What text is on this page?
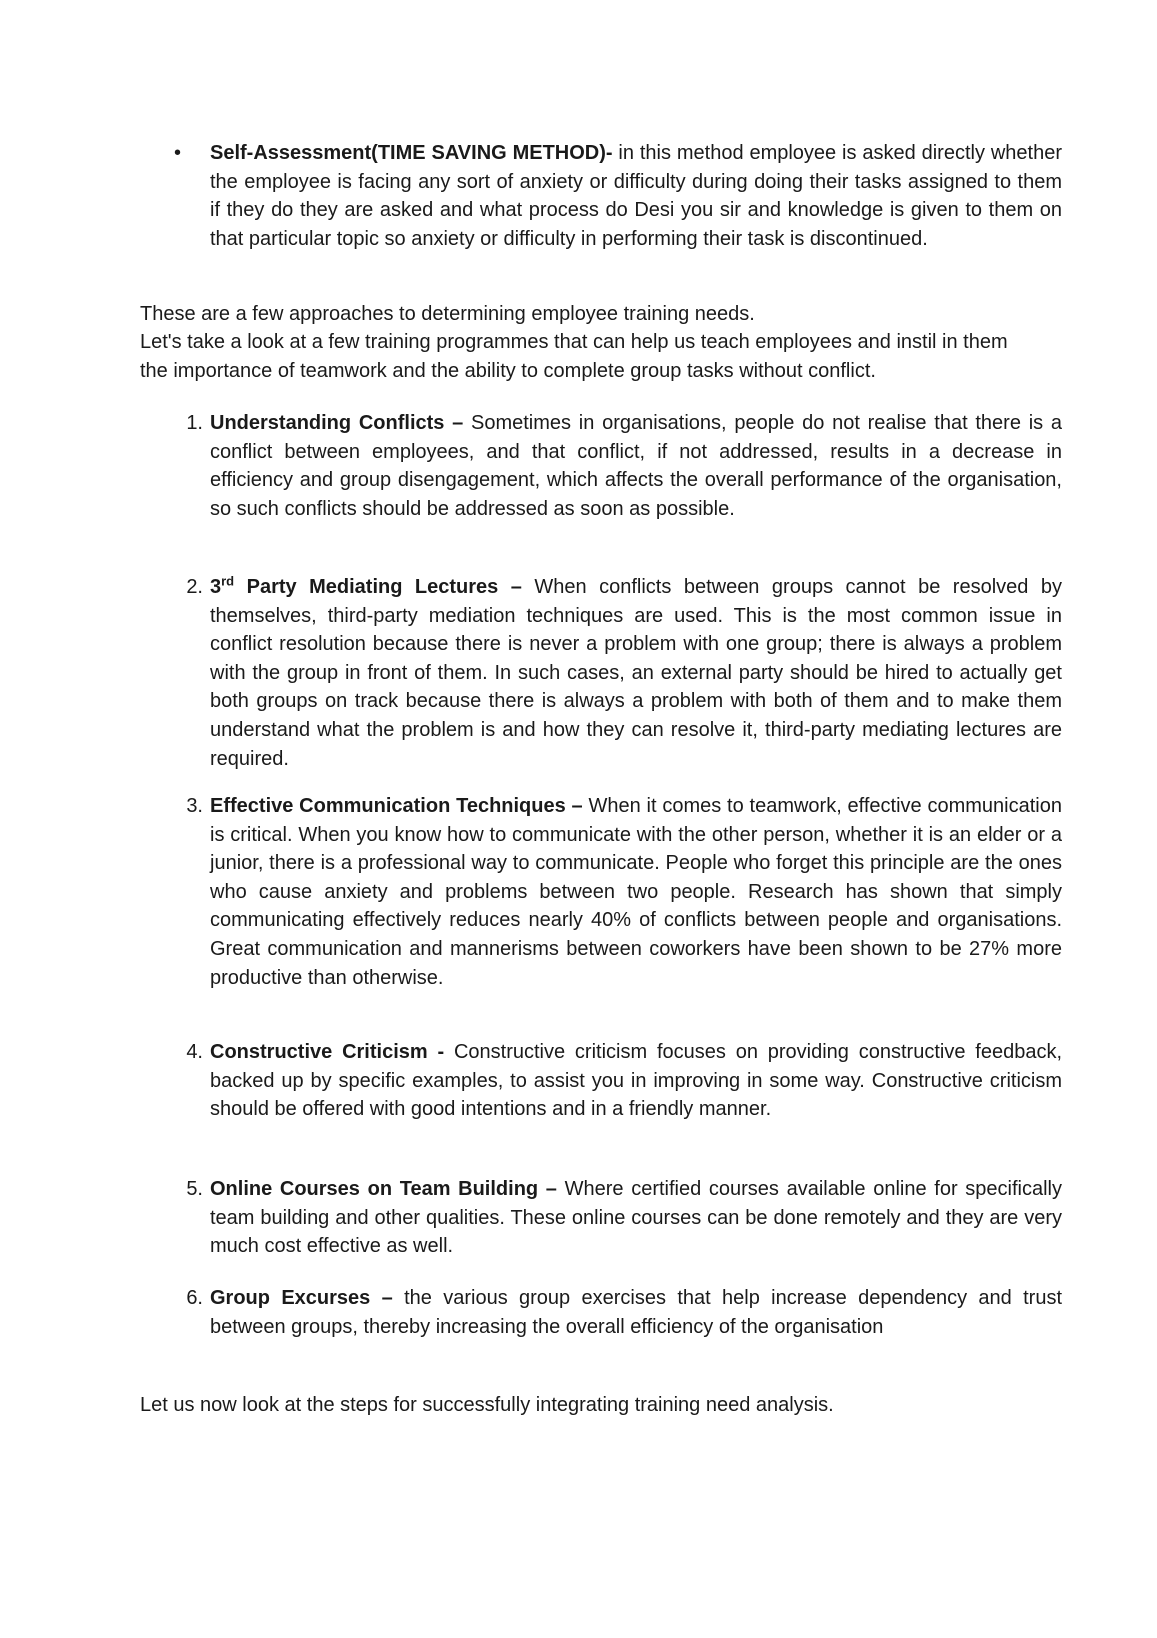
•	Self-Assessment(TIME SAVING METHOD)- in this method employee is asked directly whether the employee is facing any sort of anxiety or difficulty during doing their tasks assigned to them if they do they are asked and what process do Desi you sir and knowledge is given to them on that particular topic so anxiety or difficulty in performing their task is discontinued.
These are a few approaches to determining employee training needs.
Let's take a look at a few training programmes that can help us teach employees and instil in them the importance of teamwork and the ability to complete group tasks without conflict.
1. Understanding Conflicts – Sometimes in organisations, people do not realise that there is a conflict between employees, and that conflict, if not addressed, results in a decrease in efficiency and group disengagement, which affects the overall performance of the organisation, so such conflicts should be addressed as soon as possible.
2. 3rd Party Mediating Lectures – When conflicts between groups cannot be resolved by themselves, third-party mediation techniques are used. This is the most common issue in conflict resolution because there is never a problem with one group; there is always a problem with the group in front of them. In such cases, an external party should be hired to actually get both groups on track because there is always a problem with both of them and to make them understand what the problem is and how they can resolve it, third-party mediating lectures are required.
3. Effective Communication Techniques – When it comes to teamwork, effective communication is critical. When you know how to communicate with the other person, whether it is an elder or a junior, there is a professional way to communicate. People who forget this principle are the ones who cause anxiety and problems between two people. Research has shown that simply communicating effectively reduces nearly 40% of conflicts between people and organisations. Great communication and mannerisms between coworkers have been shown to be 27% more productive than otherwise.
4. Constructive Criticism - Constructive criticism focuses on providing constructive feedback, backed up by specific examples, to assist you in improving in some way. Constructive criticism should be offered with good intentions and in a friendly manner.
5. Online Courses on Team Building – Where certified courses available online for specifically team building and other qualities. These online courses can be done remotely and they are very much cost effective as well.
6. Group Excurses – the various group exercises that help increase dependency and trust between groups, thereby increasing the overall efficiency of the organisation
Let us now look at the steps for successfully integrating training need analysis.
